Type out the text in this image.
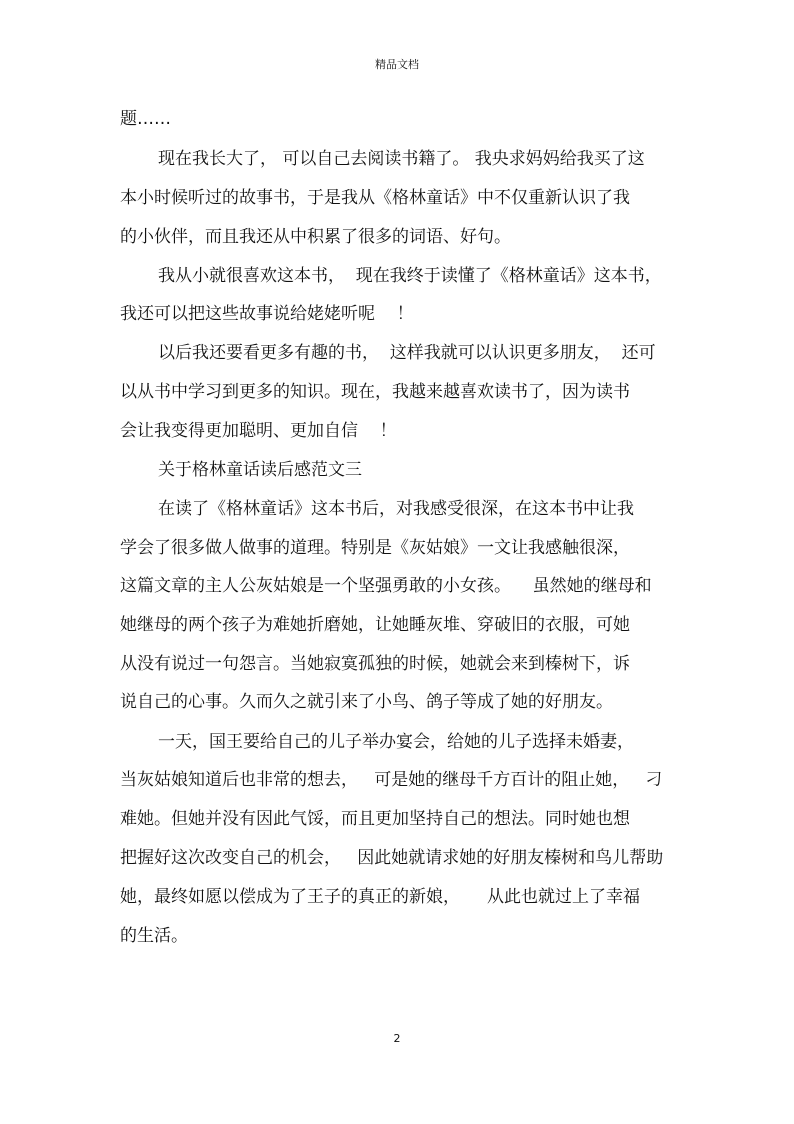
精品文档
题……
现在我长大了， 可以自己去阅读书籍了。 我央求妈妈给我买了这
本小时候听过的故事书，于是我从《格林童话》中不仅重新认识了我
的小伙伴，而且我还从中积累了很多的词语、好句。
我从小就很喜欢这本书，  现在我终于读懂了《格林童话》这本书，
我还可以把这些故事说给姥姥听呢    ！
以后我还要看更多有趣的书，  这样我就可以认识更多朋友，  还可
以从书中学习到更多的知识。现在，我越来越喜欢读书了，因为读书
会让我变得更加聪明、更加自信    ！
关于格林童话读后感范文三
在读了《格林童话》这本书后，对我感受很深，在这本书中让我
学会了很多做人做事的道理。特别是《灰姑娘》一文让我感触很深，
这篇文章的主人公灰姑娘是一个坚强勇敢的小女孩。    虽然她的继母和
她继母的两个孩子为难她折磨她，让她睡灰堆、穿破旧的衣服，可她
从没有说过一句怨言。当她寂寞孤独的时候，她就会来到榛树下，诉
说自己的心事。久而久之就引来了小鸟、鸽子等成了她的好朋友。
一天，国王要给自己的儿子举办宴会，给她的儿子选择未婚妻，
当灰姑娘知道后也非常的想去，   可是她的继母千方百计的阻止她，   刁
难她。但她并没有因此气馁，而且更加坚持自己的想法。同时她也想
把握好这次改变自己的机会，   因此她就请求她的好朋友榛树和鸟儿帮助
她，最终如愿以偿成为了王子的真正的新娘，     从此也就过上了幸福
的生活。
2
